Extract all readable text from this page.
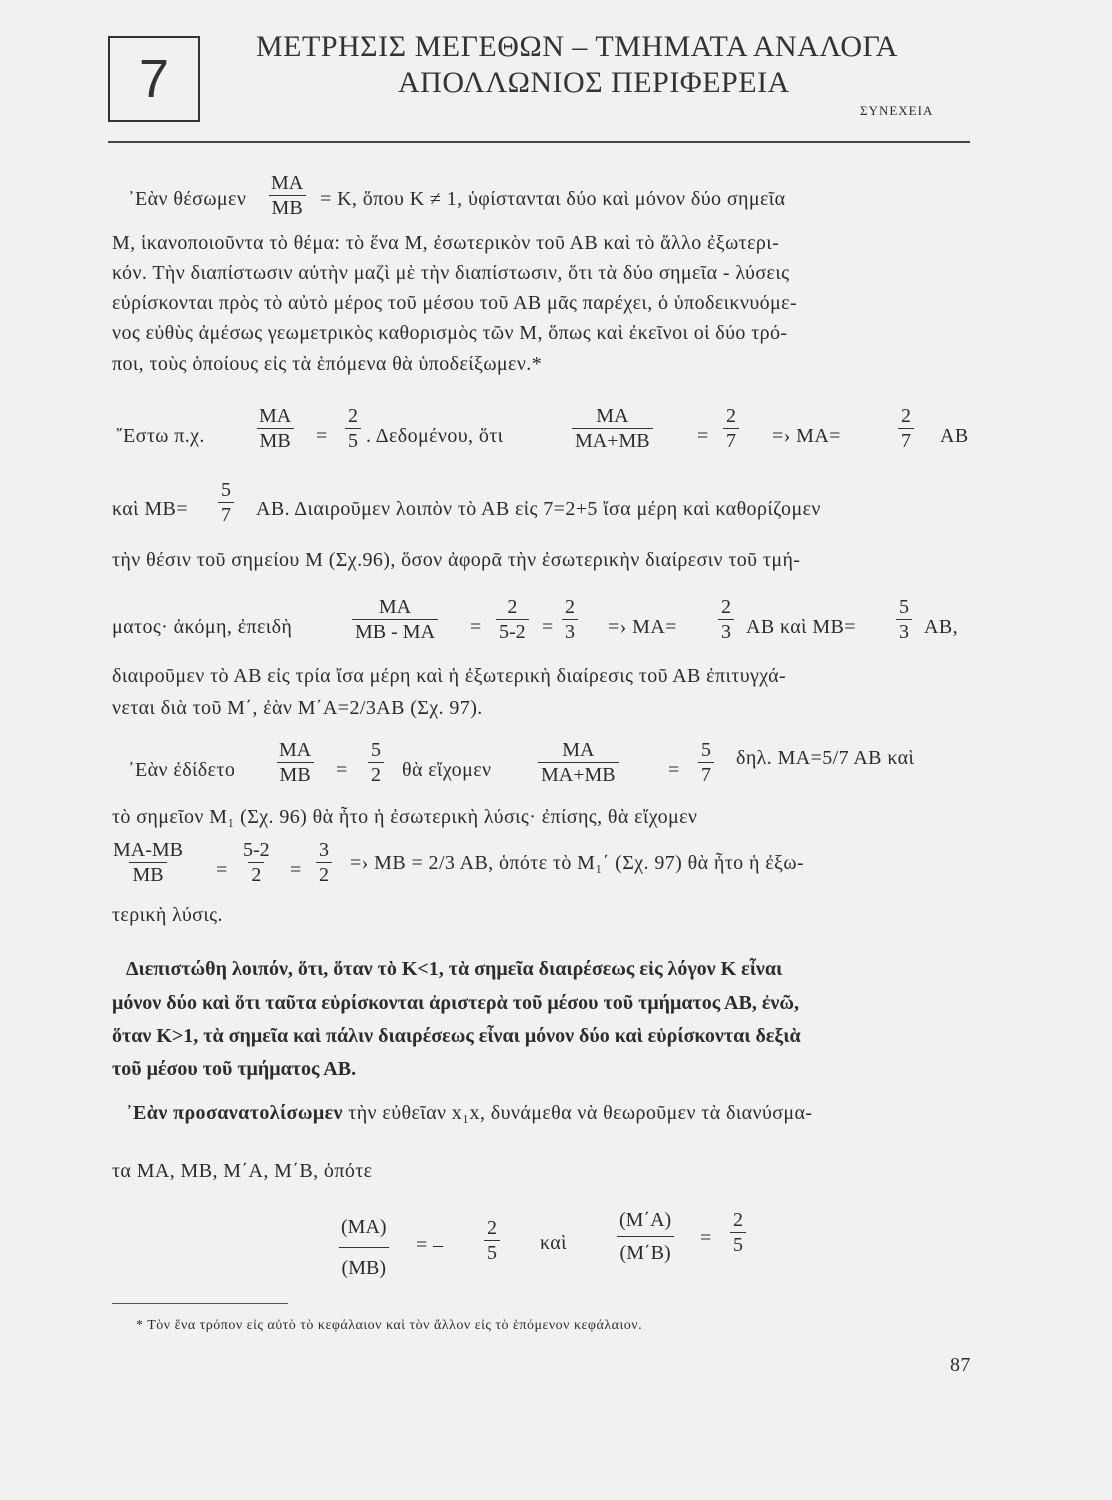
7
ΜΕΤΡΗΣΙΣ ΜΕΓΕΘΩΝ – ΤΜΗΜΑΤΑ ΑΝΑΛΟΓΑ
ΑΠΟΛΛΩΝΙΟΣ ΠΕΡΙΦΕΡΕΙΑ
ΣΥΝΕΧΕΙΑ
᾿Εὰν θέσωμεν $\frac{MA}{MB} = K$, ὅπου Κ ≠ 1, ὑφίστανται δύο καὶ μόνον δύο σημεῖα
Μ, ἱκανοποιοῦντα τὸ θέμα: τὸ ἕνα Μ, ἐσωτερικὸν τοῦ ΑΒ καὶ τὸ ἄλλο ἐξωτερι-
κόν. Τὴν διαπίστωσιν αὐτὴν μαζὶ μὲ τὴν διαπίστωσιν, ὅτι τὰ δύο σημεῖα - λύσεις
εὑρίσκονται πρὸς τὸ αὐτὸ μέρος τοῦ μέσου τοῦ ΑΒ μᾶς παρέχει, ὁ ὑποδεικνυόμε-
νος εὐθὺς ἀμέσως γεωμετρικὸς καθορισμὸς τῶν Μ, ὅπως καὶ ἐκεῖνοι οἱ δύο τρό-
ποι, τοὺς ὁποίους εἰς τὰ ἑπόμενα θὰ ὑποδείξωμεν.*
῎Εστω π.χ.	$\frac{MA}{MB} = \frac{2}{5}$ . Δεδομένου, ὅτι	$\frac{MA}{MA+MB} = \frac{2}{7}$ =› ΜΑ=	$\frac{2}{7}$ ΑΒ
καὶ $MB= \frac{5}{7} AB$. Διαιροῦμεν λοιπὸν τὸ ΑΒ εἰς 7=2+5 ἴσα μέρη καὶ καθορίζομεν
τὴν θέσιν τοῦ σημείου Μ (Σχ.96), ὅσον ἀφορᾶ τὴν ἐσωτερικὴν διαίρεσιν τοῦ τμή-
ματος· ἀκόμη, ἐπειδὴ	$\frac{MA}{MB - MA} = \frac{2}{5-2} = \frac{2}{3}$ =› $MA= \frac{2}{3}$ ΑΒ καὶ $MB= \frac{5}{3} AB$,
διαιροῦμεν τὸ ΑΒ εἰς τρία ἴσα μέρη καὶ ἡ ἐξωτερικὴ διαίρεσις τοῦ ΑΒ ἐπιτυγχά-
νεται διὰ τοῦ Μ΄, ἐὰν Μ΄Α=2/3ΑΒ (Σχ. 97).
᾿Εὰν ἐδίδετο $\frac{MA}{MB} = \frac{5}{2}$ θὰ εἴχομεν $\frac{MA}{MA+MB} = \frac{5}{7} \delta\eta\lambda$. ΜΑ=5/7 ΑΒ καὶ
τὸ σημεῖον Μ₁ (Σχ. 96) θὰ ἦτο ἡ ἐσωτερικὴ λύσις· ἐπίσης, θὰ εἴχομεν
$\frac{MA-MB}{MB} = \frac{5-2}{2} = \frac{3}{2}$ =› ΜΒ = 2/3 ΑΒ, ὁπότε τὸ Μ₁΄ (Σχ. 97) θὰ ἦτο ἡ ἐξω-
τερικὴ λύσις.
Διεπιστώθη λοιπόν, ὅτι, ὅταν τὸ Κ<1, τὰ σημεῖα διαιρέσεως εἰς λόγον Κ εἶναι
μόνον δύο καὶ ὅτι ταῦτα εὑρίσκονται ἀριστερὰ τοῦ μέσου τοῦ τμήματος ΑΒ, ἐνῶ,
ὅταν Κ>1, τὰ σημεῖα καὶ πάλιν διαιρέσεως εἶναι μόνον δύο καὶ εὑρίσκονται δεξιὰ
τοῦ μέσου τοῦ τμήματος ΑΒ.
᾿Εὰν προσανατολίσωμεν τὴν εὐθεῖαν x₁x, δυνάμεθα νὰ θεωροῦμεν τὰ διανύσμα-
τα ΜΑ, ΜΒ, Μ΄Α, Μ΄Β, ὁπότε
$\frac{(MA)}{(MB)}$ = – $\frac{2}{5}$ καὶ $\frac{(M΄A)}{(M΄B)} = \frac{2}{5}$
* Τὸν ἕνα τρόπον εἰς αὐτὸ τὸ κεφάλαιον καὶ τὸν ἄλλον εἰς τὸ ἑπόμενον κεφάλαιον.
87
